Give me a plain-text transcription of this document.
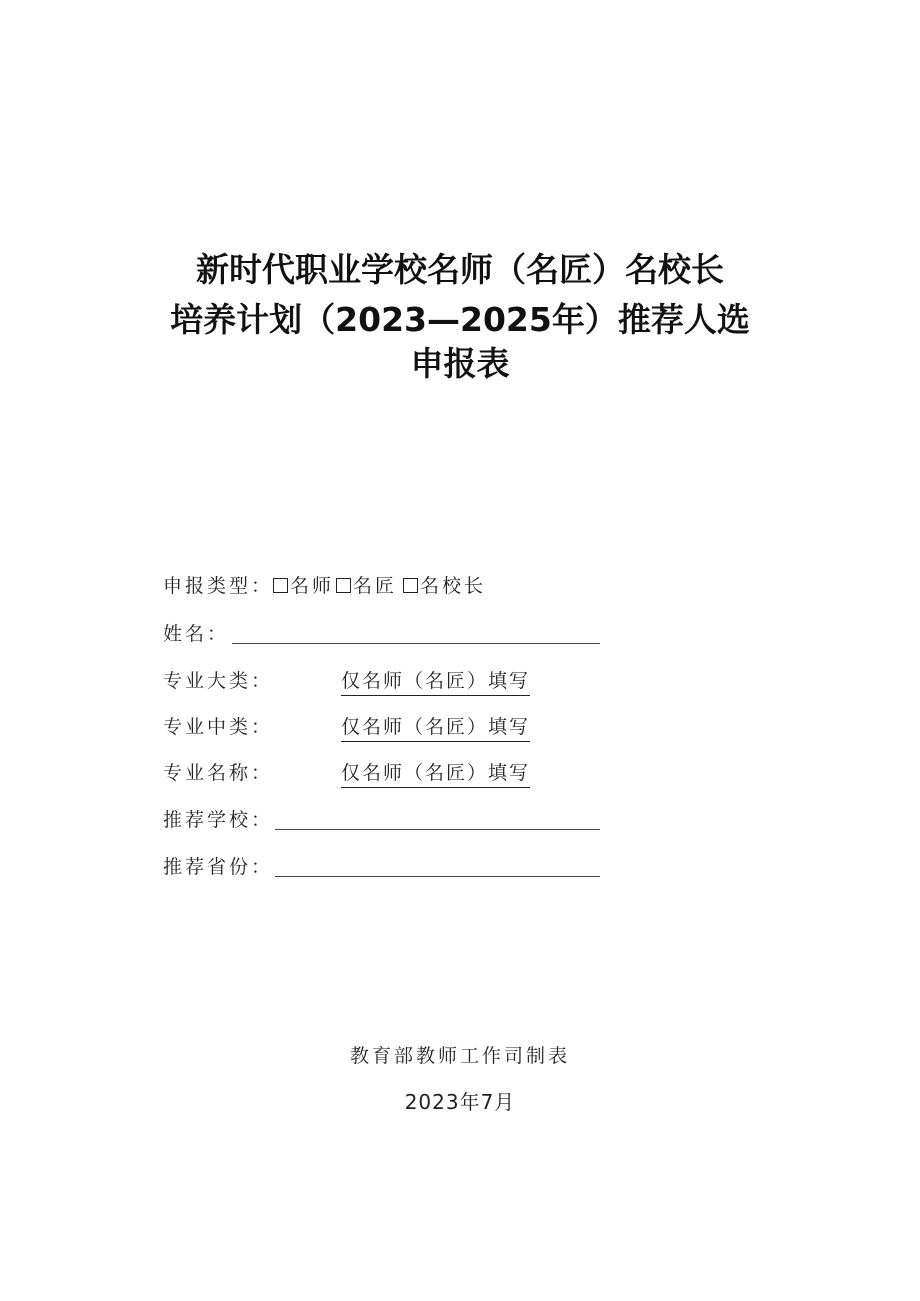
新时代职业学校名师（名匠）名校长
培养计划（2023—2025年）推荐人选
申报表
申报类型： 名师 名匠 名校长
姓名：
专业大类：	仅名师（名匠）填写
专业中类：	仅名师（名匠）填写
专业名称：	仅名师（名匠）填写
推荐学校：
推荐省份：
教育部教师工作司制表
2023年7月
